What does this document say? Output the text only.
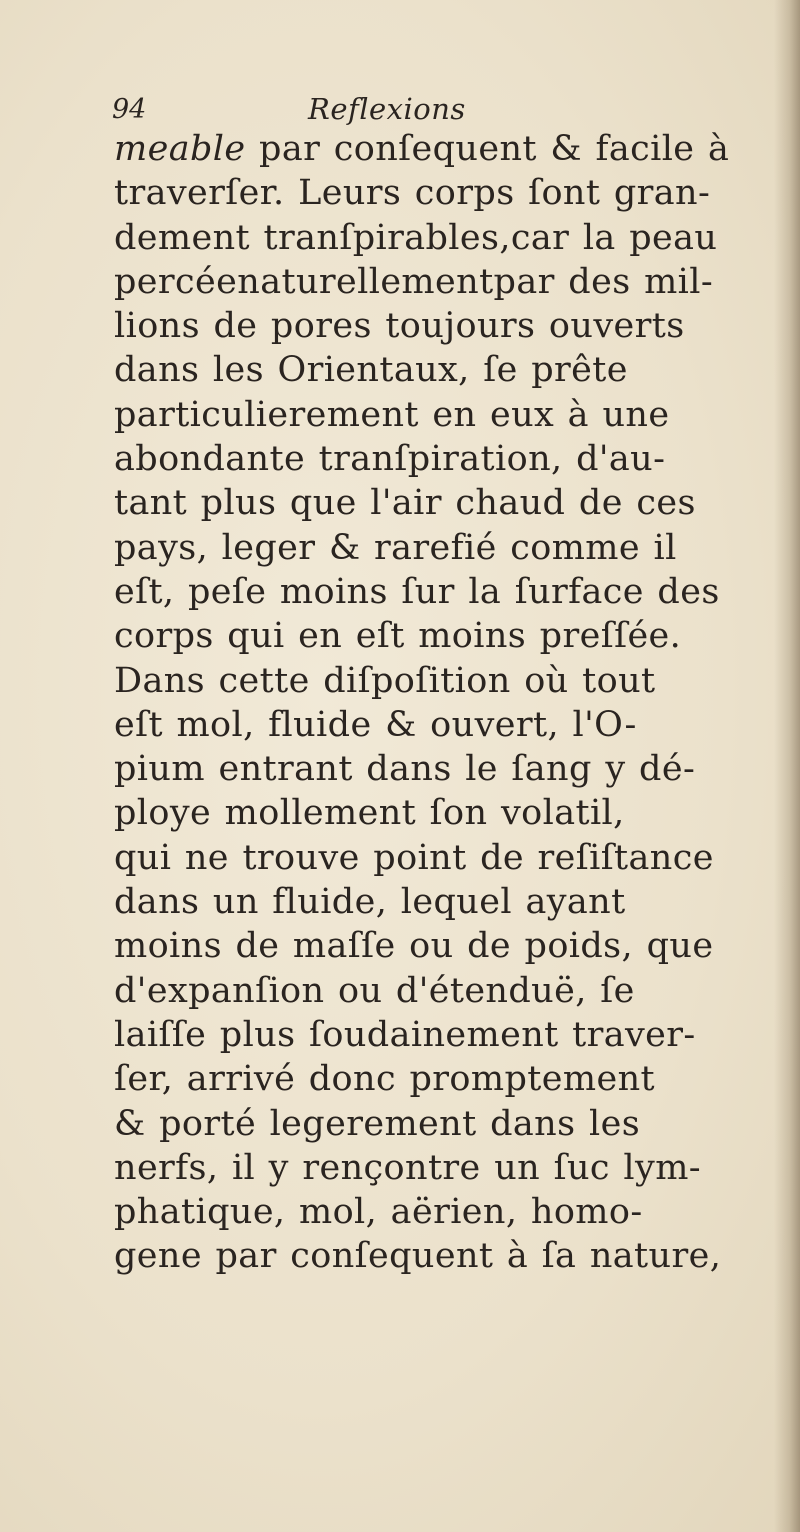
94	Reflexions
meable par conſequent & facile à
traverſer. Leurs corps ſont gran-
dement tranſpirables,car la peau
percéenaturellementpar des mil-
lions de pores toujours ouverts
dans les Orientaux, ſe prête
particulierement en eux à une
abondante tranſpiration, d'au-
tant plus que l'air chaud de ces
pays, leger & rarefié comme il
eſt, peſe moins ſur la ſurface des
corps qui en eſt moins preſſée.
Dans cette diſpoſition où tout
eſt mol, fluide & ouvert, l'O-
pium entrant dans le ſang y dé-
ploye mollement ſon volatil,
qui ne trouve point de reſiſtance
dans un fluide, lequel ayant
moins de maſſe ou de poids, que
d'expanſion ou d'étenduë, ſe
laiſſe plus ſoudainement traver-
ſer, arrivé donc promptement
& porté legerement dans les
nerfs, il y rençontre un ſuc lym-
phatique, mol, aërien, homo-
gene par conſequent à ſa nature,
